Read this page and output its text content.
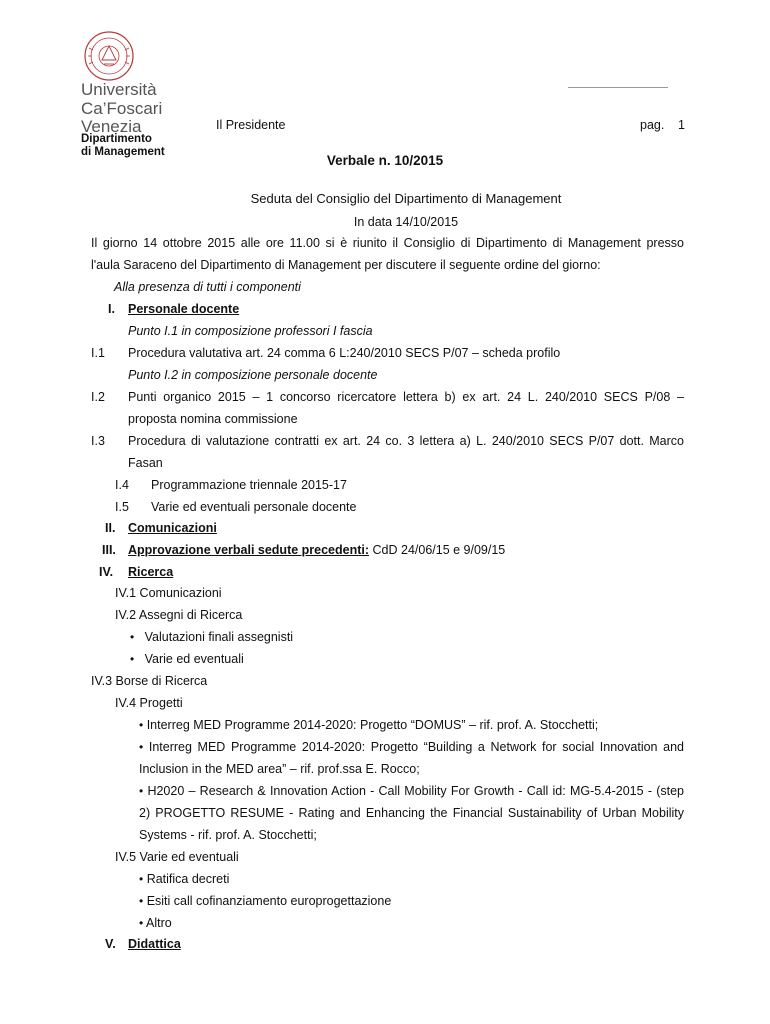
Università
Ca’Foscari
Venezia
Dipartimento
di Management
Il Presidente	pag. 1
Verbale n. 10/2015
Seduta del Consiglio del Dipartimento di Management
In data 14/10/2015
Il giorno 14 ottobre 2015 alle ore 11.00 si è riunito il Consiglio di Dipartimento di Management presso
l'aula Saraceno del Dipartimento di Management per discutere il seguente ordine del giorno:
Alla presenza di tutti i componenti
I. Personale docente
Punto I.1 in composizione professori I fascia
I.1 Procedura valutativa art. 24 comma 6 L:240/2010 SECS P/07 – scheda profilo
Punto I.2 in composizione personale docente
I.2 Punti organico 2015 – 1 concorso ricercatore lettera b) ex art. 24 L. 240/2010 SECS P/08 –
proposta nomina commissione
I.3 Procedura di valutazione contratti ex art. 24 co. 3 lettera a) L. 240/2010 SECS P/07 dott. Marco
Fasan
I.4 Programmazione triennale 2015-17
I.5 Varie ed eventuali personale docente
II. Comunicazioni
III. Approvazione verbali sedute precedenti: CdD 24/06/15 e 9/09/15
IV. Ricerca
IV.1 Comunicazioni
IV.2 Assegni di Ricerca
• Valutazioni finali assegnisti
• Varie ed eventuali
IV.3 Borse di Ricerca
IV.4 Progetti
• Interreg MED Programme 2014-2020: Progetto “DOMUS” – rif. prof. A. Stocchetti;
• Interreg MED Programme 2014-2020: Progetto “Building a Network for social Innovation and
Inclusion in the MED area” – rif. prof.ssa E. Rocco;
• H2020 – Research & Innovation Action - Call Mobility For Growth - Call id: MG-5.4-2015 - (step
2) PROGETTO RESUME - Rating and Enhancing the Financial Sustainability of Urban Mobility
Systems - rif. prof. A. Stocchetti;
IV.5 Varie ed eventuali
• Ratifica decreti
• Esiti call cofinanziamento europrogettazione
• Altro
V. Didattica
